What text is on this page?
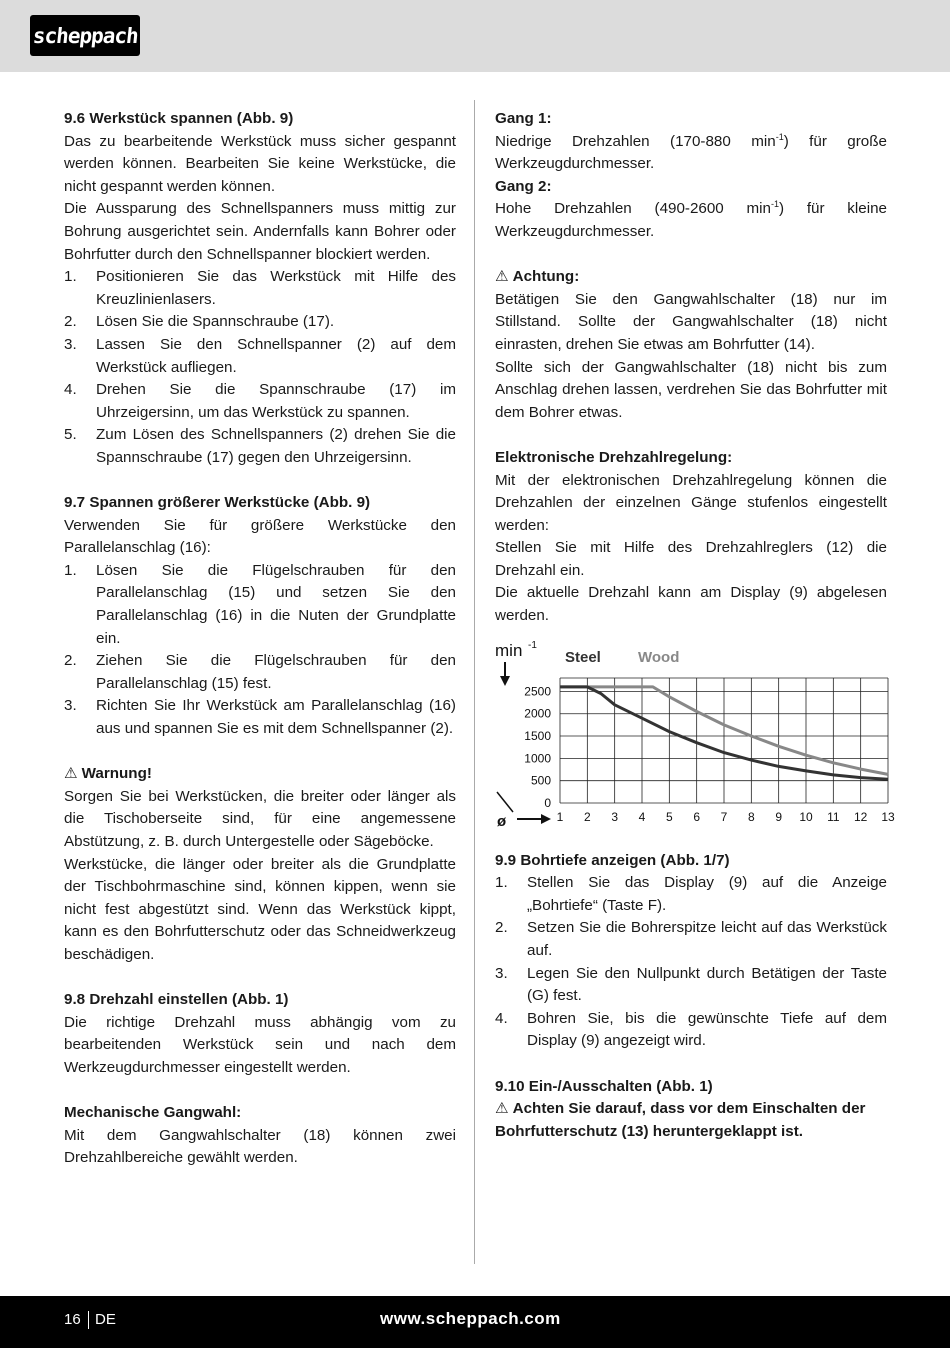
scheppach

9.6 Werkstück spannen (Abb. 9)

Das zu bearbeitende Werkstück muss sicher gespannt werden können. Bearbeiten Sie keine Werkstücke, die nicht gespannt werden können.

Die Aussparung des Schnellspanners muss mittig zur Bohrung ausgerichtet sein. Andernfalls kann Bohrer oder Bohrfutter durch den Schnellspanner blockiert werden.

1. Positionieren Sie das Werkstück mit Hilfe des Kreuzlinienlasers.
2. Lösen Sie die Spannschraube (17).
3. Lassen Sie den Schnellspanner (2) auf dem Werkstück aufliegen.
4. Drehen Sie die Spannschraube (17) im Uhrzeigersinn, um das Werkstück zu spannen.
5. Zum Lösen des Schnellspanners (2) drehen Sie die Spannschraube (17) gegen den Uhrzeigersinn.

9.7 Spannen größerer Werkstücke (Abb. 9)

Verwenden Sie für größere Werkstücke den Parallelanschlag (16):

1. Lösen Sie die Flügelschrauben für den Parallelanschlag (15) und setzen Sie den Parallelanschlag (16) in die Nuten der Grundplatte ein.
2. Ziehen Sie die Flügelschrauben für den Parallelanschlag (15) fest.
3. Richten Sie Ihr Werkstück am Parallelanschlag (16) aus und spannen Sie es mit dem Schnellspanner (2).

⚠ Warnung!

Sorgen Sie bei Werkstücken, die breiter oder länger als die Tischoberseite sind, für eine angemessene Abstützung, z. B. durch Untergestelle oder Sägeböcke.

Werkstücke, die länger oder breiter als die Grundplatte der Tischbohrmaschine sind, können kippen, wenn sie nicht fest abgestützt sind. Wenn das Werkstück kippt, kann es den Bohrfutterschutz oder das Schneidwerkzeug beschädigen.

9.8 Drehzahl einstellen (Abb. 1)

Die richtige Drehzahl muss abhängig vom zu bearbeitenden Werkstück sein und nach dem Werkzeugdurchmesser eingestellt werden.

Mechanische Gangwahl:

Mit dem Gangwahlschalter (18) können zwei Drehzahlbereiche gewählt werden.

Gang 1:

Niedrige Drehzahlen (170-880 $\min^{-1}$) für große Werkzeugdurchmesser.

Gang 2:

Hohe Drehzahlen (490-2600 $\min^{-1}$) für kleine Werkzeugdurchmesser.

⚠ Achtung:

Betätigen Sie den Gangwahlschalter (18) nur im Stillstand. Sollte der Gangwahlschalter (18) nicht einrasten, drehen Sie etwas am Bohrfutter (14).

Sollte sich der Gangwahlschalter (18) nicht bis zum Anschlag drehen lassen, verdrehen Sie das Bohrfutter mit dem Bohrer etwas.

Elektronische Drehzahlregelung:

Mit der elektronischen Drehzahlregelung können die Drehzahlen der einzelnen Gänge stufenlos eingestellt werden:

Stellen Sie mit Hilfe des Drehzahlreglers (12) die Drehzahl ein.

Die aktuelle Drehzahl kann am Display (9) abgelesen werden.

0
500
1000
1500
2000
2500
1 2 3 4 5 6 7 8 9 10 11 12 13
min -1
ø
Steel Wood

9.9 Bohrtiefe anzeigen (Abb. 1/7)

1. Stellen Sie das Display (9) auf die Anzeige „Bohrtiefe“ (Taste F).
2. Setzen Sie die Bohrerspitze leicht auf das Werkstück auf.
3. Legen Sie den Nullpunkt durch Betätigen der Taste (G) fest.
4. Bohren Sie, bis die gewünschte Tiefe auf dem Display (9) angezeigt wird.

9.10 Ein-/Ausschalten (Abb. 1)

⚠ Achten Sie darauf, dass vor dem Einschalten der Bohrfutterschutz (13) heruntergeklappt ist.

16 DE	www.scheppach.com
